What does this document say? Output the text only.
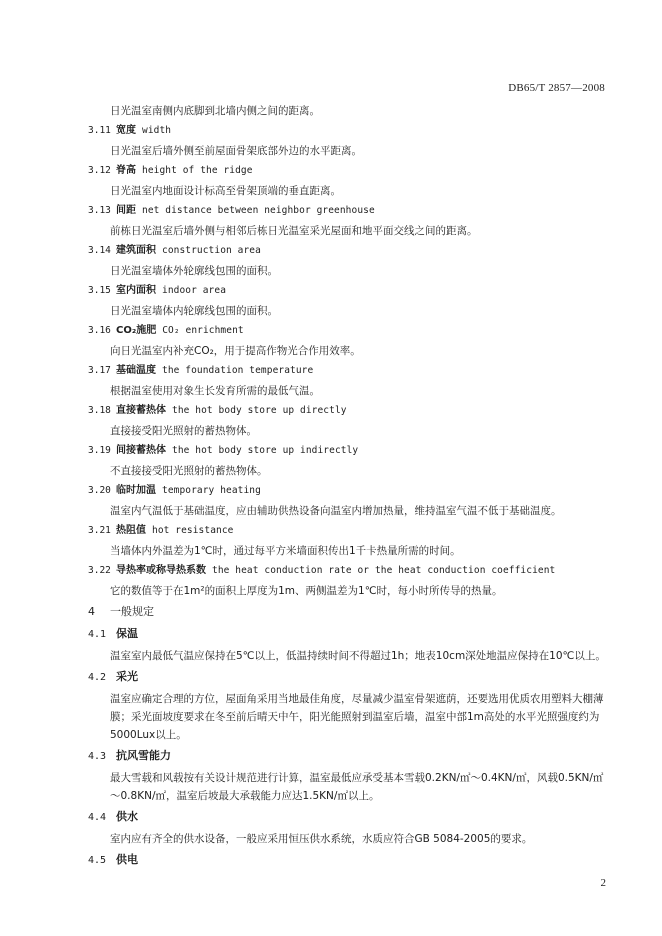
DB65/T 2857—2008

日光温室南侧内底脚到北墙内侧之间的距离。

3.11 宽度 width

日光温室后墙外侧至前屋面骨架底部外边的水平距离。

3.12 脊高 height of the ridge

日光温室内地面设计标高至骨架顶端的垂直距离。

3.13 间距 net distance between neighbor greenhouse

前栋日光温室后墙外侧与相邻后栋日光温室采光屋面和地平面交线之间的距离。

3.14 建筑面积 construction area

日光温室墙体外轮廓线包围的面积。

3.15 室内面积 indoor area

日光温室墙体内轮廓线包围的面积。

3.16 CO₂施肥 CO₂ enrichment

向日光温室内补充CO₂，用于提高作物光合作用效率。

3.17 基础温度 the foundation temperature

根据温室使用对象生长发育所需的最低气温。

3.18 直接蓄热体 the hot body store up directly

直接接受阳光照射的蓄热物体。

3.19 间接蓄热体 the hot body store up indirectly

不直接接受阳光照射的蓄热物体。

3.20 临时加温 temporary heating

温室内气温低于基础温度，应由辅助供热设备向温室内增加热量，维持温室气温不低于基础温度。

3.21 热阻值 hot resistance

当墙体内外温差为1℃时，通过每平方米墙面积传出1千卡热量所需的时间。

3.22 导热率或称导热系数 the heat conduction rate or the heat conduction coefficient

它的数值等于在1m²的面积上厚度为1m、两侧温差为1℃时，每小时所传导的热量。

4 一般规定

4.1 保温

温室室内最低气温应保持在5℃以上，低温持续时间不得超过1h；地表10cm深处地温应保持在10℃以上。

4.2 采光

温室应确定合理的方位，屋面角采用当地最佳角度，尽量减少温室骨架遮荫，还要选用优质农用塑料大棚薄膜；采光面坡度要求在冬至前后晴天中午，阳光能照射到温室后墙，温室中部1m高处的水平光照强度约为5000Lux以上。

4.3 抗风雪能力

最大雪载和风载按有关设计规范进行计算，温室最低应承受基本雪载0.2KN/㎡～0.4KN/㎡，风载0.5KN/㎡～0.8KN/㎡，温室后坡最大承载能力应达1.5KN/㎡以上。

4.4 供水

室内应有齐全的供水设备，一般应采用恒压供水系统，水质应符合GB 5084-2005的要求。

4.5 供电

2
